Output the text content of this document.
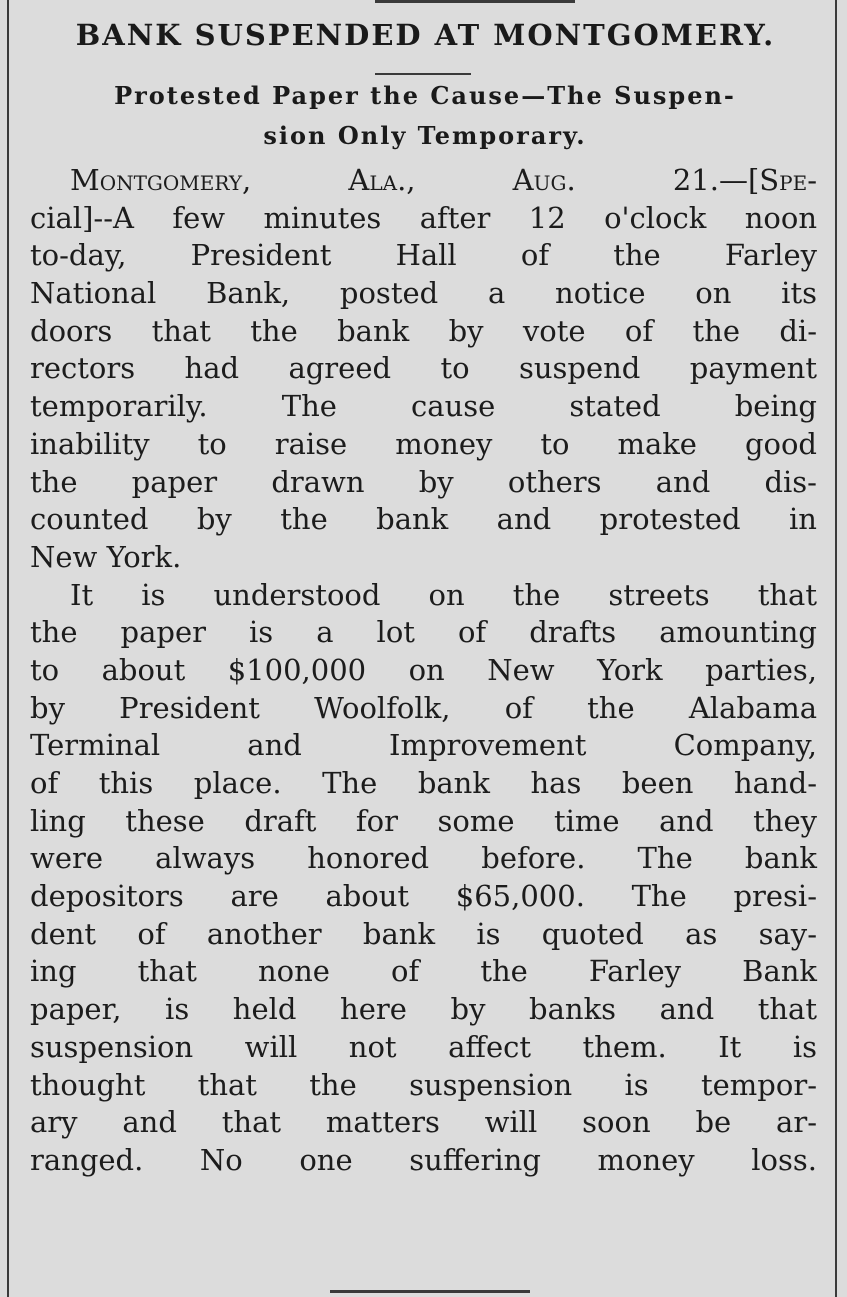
BANK SUSPENDED AT MONTGOMERY.
Protested Paper the Cause—The Suspen-
sion Only Temporary.
Montgomery, Ala., Aug. 21.—[Spe-
cial]--A few minutes after 12 o'clock noon
to-day, President Hall of the Farley
National Bank, posted a notice on its
doors that the bank by vote of the di-
rectors had agreed to suspend payment
temporarily. The cause stated being
inability to raise money to make good
the paper drawn by others and dis-
counted by the bank and protested in
New York.
It is understood on the streets that
the paper is a lot of drafts amounting
to about $100,000 on New York parties,
by President Woolfolk, of the Alabama
Terminal and Improvement Company,
of this place. The bank has been hand-
ling these draft for some time and they
were always honored before. The bank
depositors are about $65,000. The presi-
dent of another bank is quoted as say-
ing that none of the Farley Bank
paper, is held here by banks and that
suspension will not affect them. It is
thought that the suspension is tempor-
ary and that matters will soon be ar-
ranged. No one suffering money loss.
